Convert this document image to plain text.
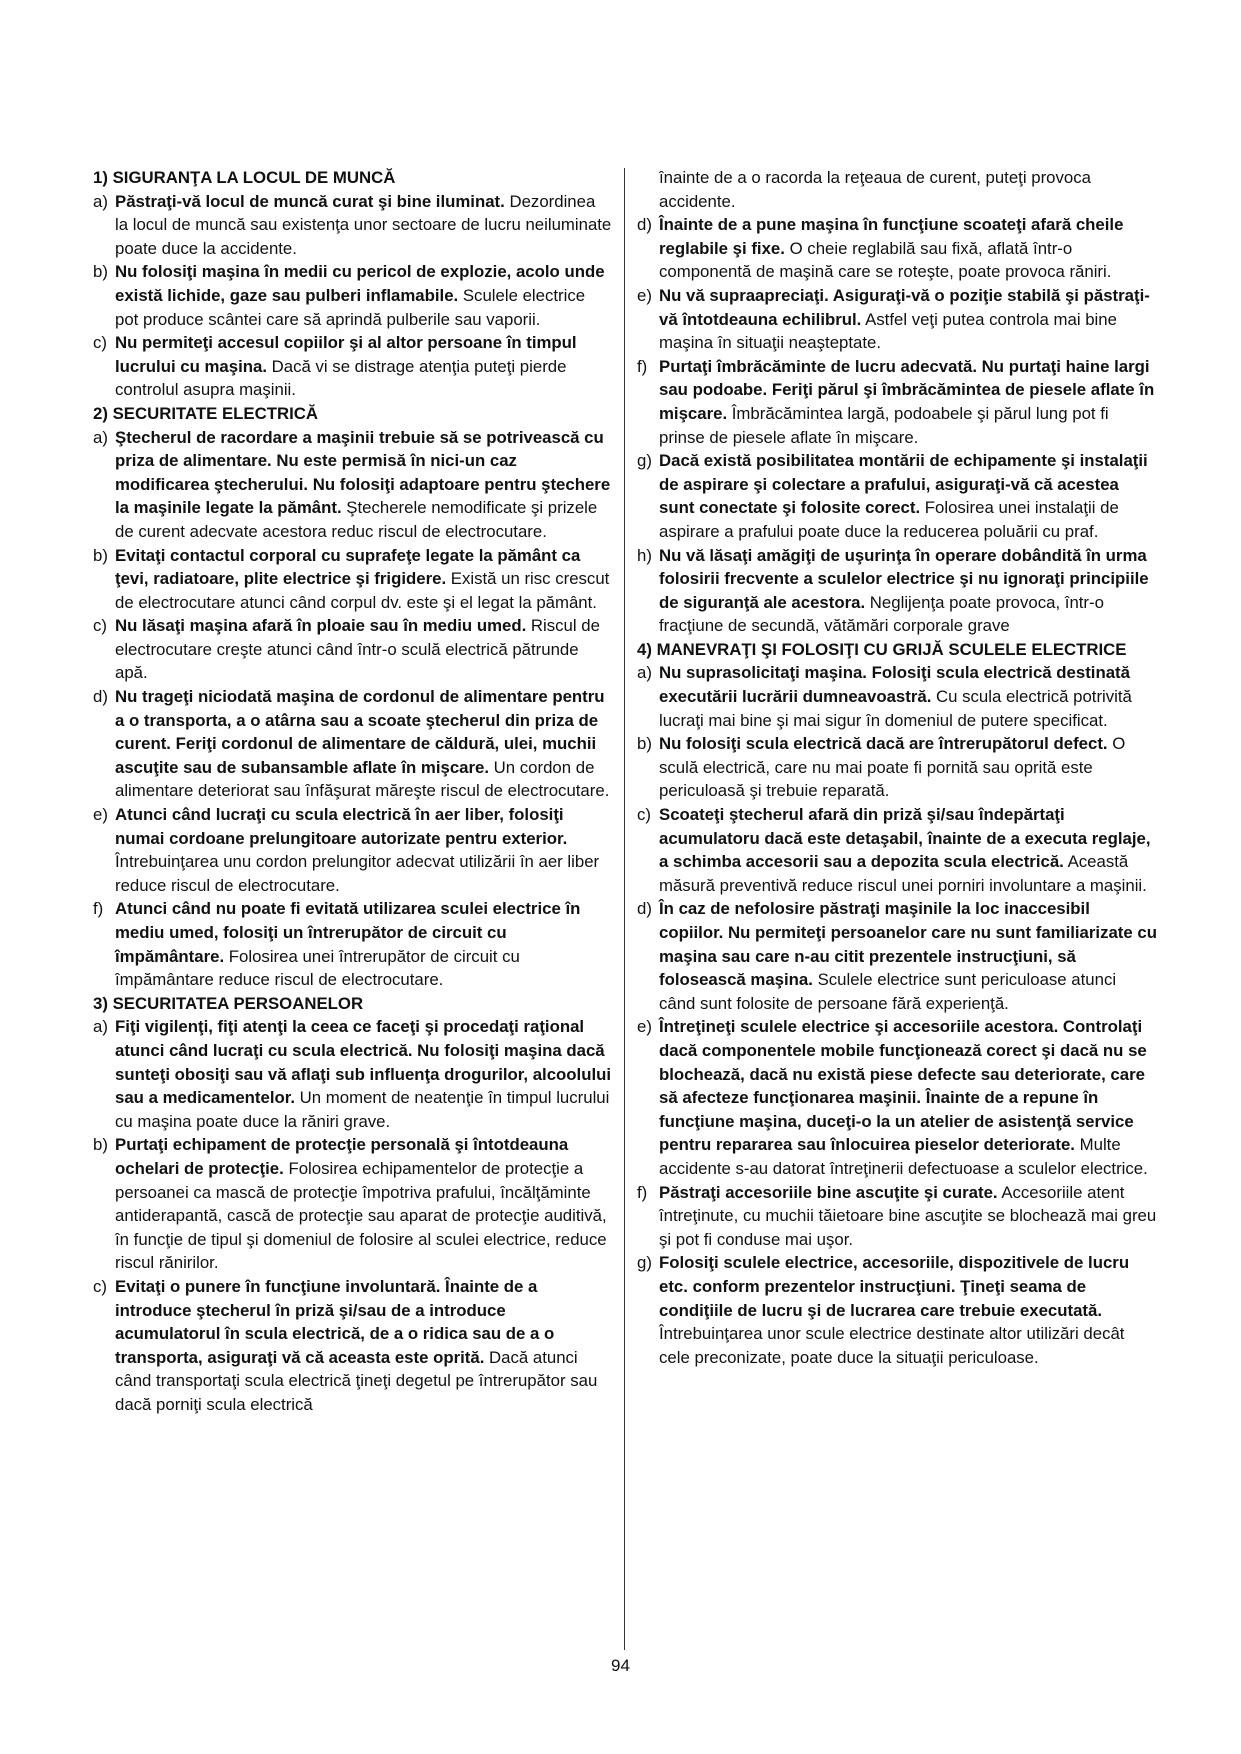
1) SIGURANŢA LA LOCUL DE MUNCĂ

a) Păstraţi-vă locul de muncă curat şi bine iluminat. Dezordinea la locul de muncă sau existenţa unor sectoare de lucru neiluminate poate duce la accidente.

b) Nu folosiţi maşina în medii cu pericol de explozie, acolo unde există lichide, gaze sau pulberi inflamabile. Sculele electrice pot produce scântei care să aprindă pulberile sau vaporii.

c) Nu permiteţi accesul copiilor şi al altor persoane în timpul lucrului cu maşina. Dacă vi se distrage atenţia puteţi pierde controlul asupra maşinii.

2) SECURITATE ELECTRICĂ

a) Ştecherul de racordare a maşinii trebuie să se potrivească cu priza de alimentare. Nu este permisă în nici-un caz modificarea ştecherului. Nu folosiţi adaptoare pentru ştechere la maşinile legate la pământ. Ştecherele nemodificate şi prizele de curent adecvate acestora reduc riscul de electrocutare.

b) Evitaţi contactul corporal cu suprafeţe legate la pământ ca ţevi, radiatoare, plite electrice şi frigidere. Există un risc crescut de electrocutare atunci când corpul dv. este şi el legat la pământ.

c) Nu lăsaţi maşina afară în ploaie sau în mediu umed. Riscul de electrocutare creşte atunci când într-o sculă electrică pătrunde apă.

d) Nu trageţi niciodată maşina de cordonul de alimentare pentru a o transporta, a o atârna sau a scoate ştecherul din priza de curent. Feriţi cordonul de alimentare de căldură, ulei, muchii ascuţite sau de subansamble aflate în mişcare. Un cordon de alimentare deteriorat sau înfăşurat măreşte riscul de electrocutare.

e) Atunci când lucraţi cu scula electrică în aer liber, folosiţi numai cordoane prelungitoare autorizate pentru exterior. Întrebuinţarea unu cordon prelungitor adecvat utilizării în aer liber reduce riscul de electrocutare.

f) Atunci când nu poate fi evitată utilizarea sculei electrice în mediu umed, folosiţi un întrerupător de circuit cu împământare. Folosirea unei întrerupător de circuit cu împământare reduce riscul de electrocutare.

3) SECURITATEA PERSOANELOR

a) Fiţi vigilenţi, fiţi atenţi la ceea ce faceţi şi procedaţi raţional atunci când lucraţi cu scula electrică. Nu folosiţi maşina dacă sunteţi obosiţi sau vă aflaţi sub influenţa drogurilor, alcoolului sau a medicamentelor. Un moment de neatenţie în timpul lucrului cu maşina poate duce la răniri grave.

b) Purtaţi echipament de protecţie personală şi întotdeauna ochelari de protecţie. Folosirea echipamentelor de protecţie a persoanei ca mască de protecţie împotriva prafului, încălţăminte antiderapantă, cască de protecţie sau aparat de protecţie auditivă, în funcţie de tipul şi domeniul de folosire al sculei electrice, reduce riscul rănirilor.

c) Evitaţi o punere în funcţiune involuntară. Înainte de a introduce ştecherul în priză şi/sau de a introduce acumulatorul în scula electrică, de a o ridica sau de a o transporta, asiguraţi vă că aceasta este oprită. Dacă atunci când transportaţi scula electrică ţineţi degetul pe întrerupător sau dacă porniţi scula electrică

înainte de a o racorda la reţeaua de curent, puteţi provoca accidente.

d) Înainte de a pune maşina în funcţiune scoateţi afară cheile reglabile şi fixe. O cheie reglabilă sau fixă, aflată într-o componentă de maşină care se roteşte, poate provoca răniri.

e) Nu vă supraapreciaţi. Asiguraţi-vă o poziţie stabilă şi păstraţi-vă întotdeauna echilibrul. Astfel veţi putea controla mai bine maşina în situaţii neaşteptate.

f) Purtaţi îmbrăcăminte de lucru adecvată. Nu purtaţi haine largi sau podoabe. Feriţi părul şi îmbrăcămintea de piesele aflate în mişcare. Îmbrăcămintea largă, podoabele şi părul lung pot fi prinse de piesele aflate în mişcare.

g) Dacă există posibilitatea montării de echipamente şi instalaţii de aspirare şi colectare a prafului, asiguraţi-vă că acestea sunt conectate şi folosite corect. Folosirea unei instalaţii de aspirare a prafului poate duce la reducerea poluării cu praf.

h) Nu vă lăsaţi amăgiţi de uşurinţa în operare dobândită în urma folosirii frecvente a sculelor electrice şi nu ignoraţi principiile de siguranţă ale acestora. Neglijenţa poate provoca, într-o fracţiune de secundă, vătămări corporale grave

4) MANEVRAŢI ŞI FOLOSIŢI CU GRIJĂ SCULELE ELECTRICE

a) Nu suprasolicitaţi maşina. Folosiţi scula electrică destinată executării lucrării dumneavoastră. Cu scula electrică potrivită lucraţi mai bine şi mai sigur în domeniul de putere specificat.

b) Nu folosiţi scula electrică dacă are întrerupătorul defect. O sculă electrică, care nu mai poate fi pornită sau oprită este periculoasă şi trebuie reparată.

c) Scoateţi ştecherul afară din priză şi/sau îndepărtaţi acumulatoru dacă este detaşabil, înainte de a executa reglaje, a schimba accesorii sau a depozita scula electrică. Această măsură preventivă reduce riscul unei porniri involuntare a maşinii.

d) În caz de nefolosire păstraţi maşinile la loc inaccesibil copiilor. Nu permiteţi persoanelor care nu sunt familiarizate cu maşina sau care n-au citit prezentele instrucţiuni, să folosească maşina. Sculele electrice sunt periculoase atunci când sunt folosite de persoane fără experienţă.

e) Întreţineţi sculele electrice şi accesoriile acestora. Controlaţi dacă componentele mobile funcţionează corect şi dacă nu se blochează, dacă nu există piese defecte sau deteriorate, care să afecteze funcţionarea maşinii. Înainte de a repune în funcţiune maşina, duceţi-o la un atelier de asistenţă service pentru repararea sau înlocuirea pieselor deteriorate. Multe accidente s-au datorat întreţinerii defectuoase a sculelor electrice.

f) Păstraţi accesoriile bine ascuţite şi curate. Accesoriile atent întreţinute, cu muchii tăietoare bine ascuţite se blochează mai greu şi pot fi conduse mai uşor.

g) Folosiţi sculele electrice, accesoriile, dispozitivele de lucru etc. conform prezentelor instrucţiuni. Ţineţi seama de condiţiile de lucru şi de lucrarea care trebuie executată. Întrebuinţarea unor scule electrice destinate altor utilizări decât cele preconizate, poate duce la situaţii periculoase.

94
